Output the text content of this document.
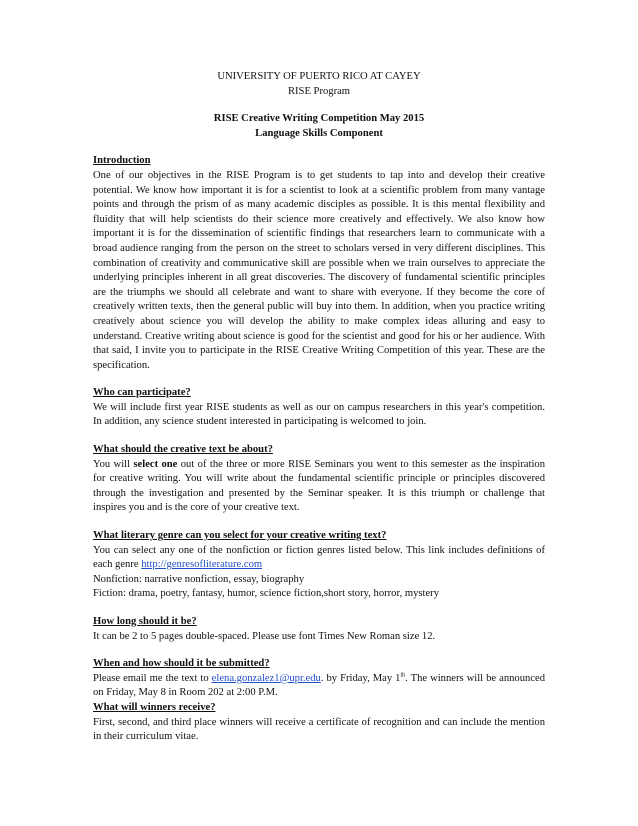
UNIVERSITY OF PUERTO RICO AT CAYEY
RISE Program
RISE Creative Writing Competition May 2015
Language Skills Component
Introduction

One of our objectives in the RISE Program is to get students to tap into and develop their creative potential. We know how important it is for a scientist to look at a scientific problem from many vantage points and through the prism of as many academic disciples as possible. It is this mental flexibility and fluidity that will help scientists do their science more creatively and effectively. We also know how important it is for the dissemination of scientific findings that researchers learn to communicate with a broad audience ranging from the person on the street to scholars versed in very different disciplines. This combination of creativity and communicative skill are possible when we train ourselves to appreciate the underlying principles inherent in all great discoveries. The discovery of fundamental scientific principles are the triumphs we should all celebrate and want to share with everyone. If they become the core of creatively written texts, then the general public will buy into them. In addition, when you practice writing creatively about science you will develop the ability to make complex ideas alluring and easy to understand. Creative writing about science is good for the scientist and good for his or her audience. With that said, I invite you to participate in the RISE Creative Writing Competition of this year. These are the specification.

Who can participate?

We will include first year RISE students as well as our on campus researchers in this year's competition. In addition, any science student interested in participating is welcomed to join.

What should the creative text be about?

You will select one out of the three or more RISE Seminars you went to this semester as the inspiration for creative writing. You will write about the fundamental scientific principle or principles discovered through the investigation and presented by the Seminar speaker. It is this triumph or challenge that inspires you and is the core of your creative text.

What literary genre can you select for your creative writing text?

You can select any one of the nonfiction or fiction genres listed below. This link includes definitions of each genre http://genresofliterature.com

Nonfiction: narrative nonfiction, essay, biography
Fiction: drama, poetry, fantasy, humor, science fiction,short story, horror, mystery
How long should it be?

It can be 2 to 5 pages double-spaced. Please use font Times New Roman size 12.

When and how should it be submitted?

Please email me the text to elena.gonzalez1@upr.edu. by Friday, May 1th. The winners will be announced on Friday, May 8 in Room 202 at 2:00 P.M.

What will winners receive?

First, second, and third place winners will receive a certificate of recognition and can include the mention in their curriculum vitae.
